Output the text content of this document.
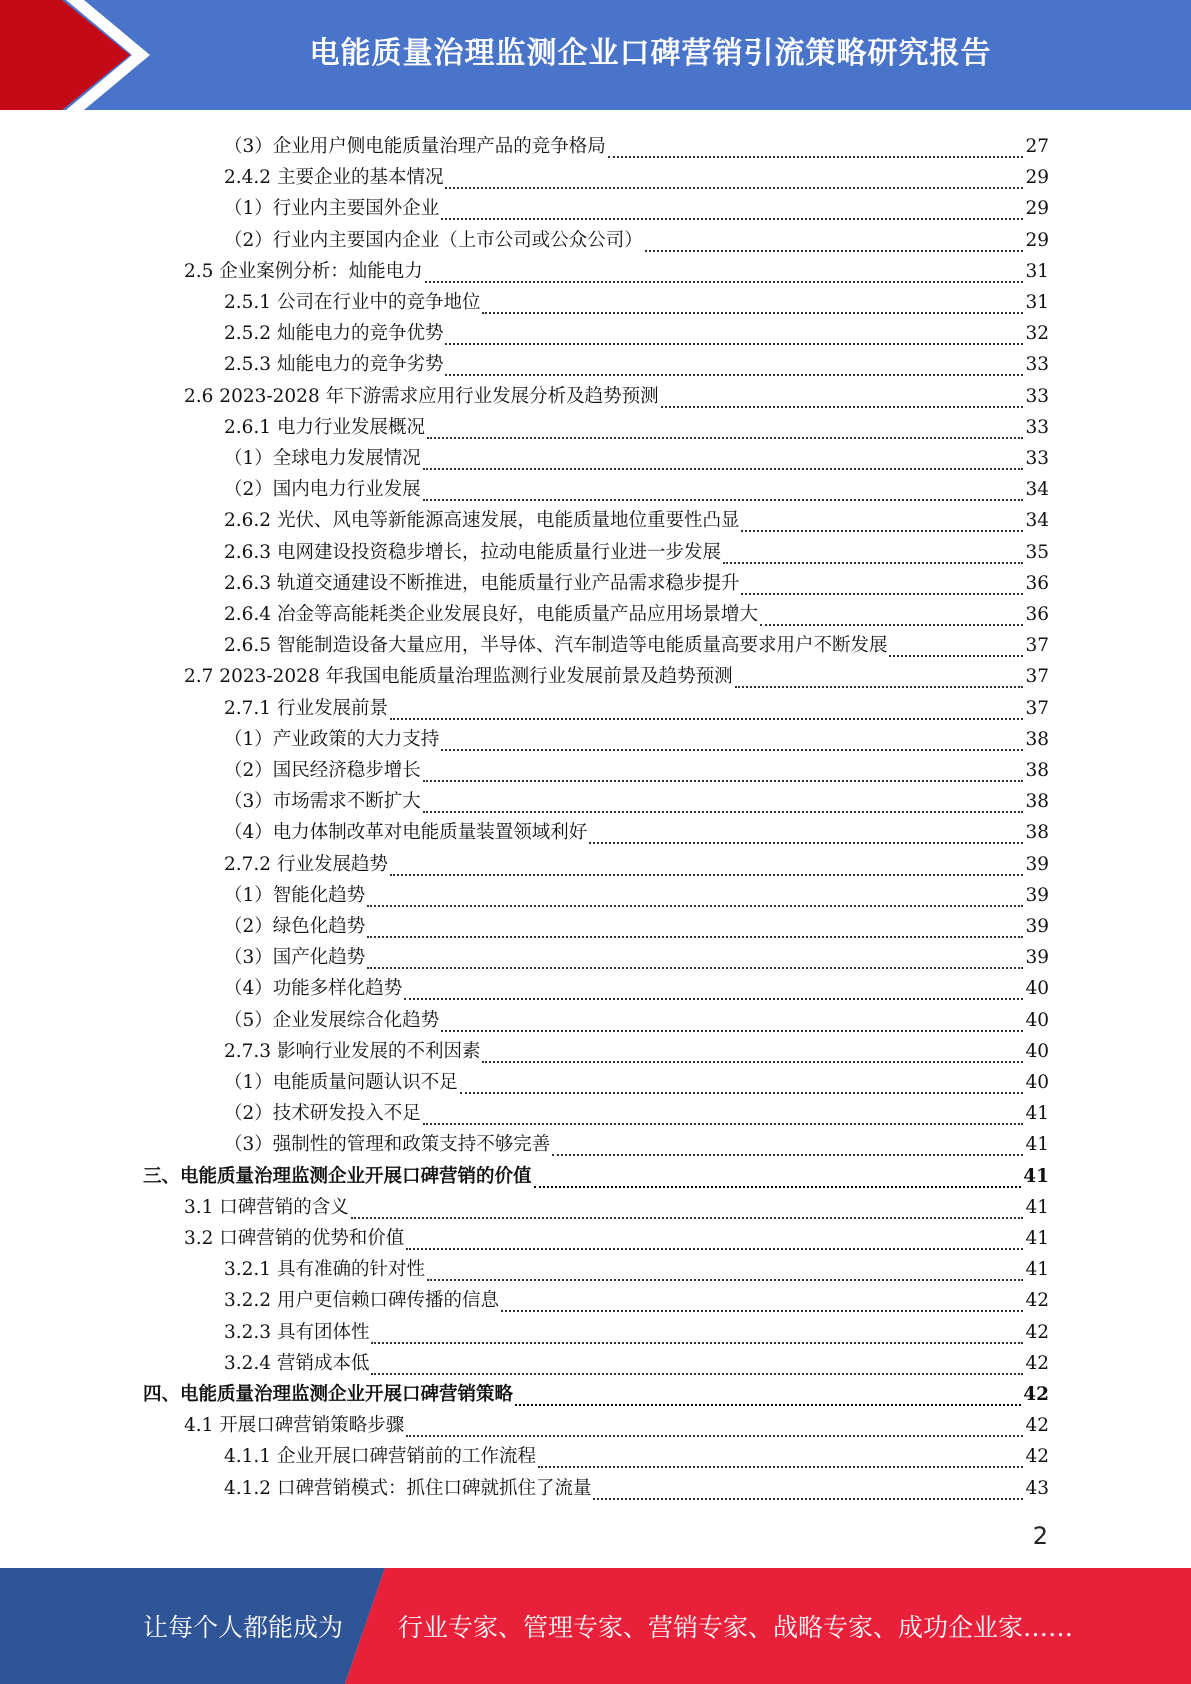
电能质量治理监测企业口碑营销引流策略研究报告
（3）企业用户侧电能质量治理产品的竞争格局	27
2.4.2 主要企业的基本情况	29
（1）行业内主要国外企业	29
（2）行业内主要国内企业（上市公司或公众公司）	29
2.5 企业案例分析：灿能电力	31
2.5.1 公司在行业中的竞争地位	31
2.5.2 灿能电力的竞争优势	32
2.5.3 灿能电力的竞争劣势	33
2.6 2023-2028 年下游需求应用行业发展分析及趋势预测	33
2.6.1 电力行业发展概况	33
（1）全球电力发展情况	33
（2）国内电力行业发展	34
2.6.2 光伏、风电等新能源高速发展，电能质量地位重要性凸显	34
2.6.3 电网建设投资稳步增长，拉动电能质量行业进一步发展	35
2.6.3 轨道交通建设不断推进，电能质量行业产品需求稳步提升	36
2.6.4 冶金等高能耗类企业发展良好，电能质量产品应用场景增大	36
2.6.5 智能制造设备大量应用，半导体、汽车制造等电能质量高要求用户不断发展	37
2.7 2023-2028 年我国电能质量治理监测行业发展前景及趋势预测	37
2.7.1 行业发展前景	37
（1）产业政策的大力支持	38
（2）国民经济稳步增长	38
（3）市场需求不断扩大	38
（4）电力体制改革对电能质量装置领域利好	38
2.7.2 行业发展趋势	39
（1）智能化趋势	39
（2）绿色化趋势	39
（3）国产化趋势	39
（4）功能多样化趋势	40
（5）企业发展综合化趋势	40
2.7.3 影响行业发展的不利因素	40
（1）电能质量问题认识不足	40
（2）技术研发投入不足	41
（3）强制性的管理和政策支持不够完善	41
三、电能质量治理监测企业开展口碑营销的价值	41
3.1 口碑营销的含义	41
3.2 口碑营销的优势和价值	41
3.2.1 具有准确的针对性	41
3.2.2 用户更信赖口碑传播的信息	42
3.2.3 具有团体性	42
3.2.4 营销成本低	42
四、电能质量治理监测企业开展口碑营销策略	42
4.1 开展口碑营销策略步骤	42
4.1.1 企业开展口碑营销前的工作流程	42
4.1.2 口碑营销模式：抓住口碑就抓住了流量	43
2
让每个人都能成为 行业专家、管理专家、营销专家、战略专家、成功企业家……
